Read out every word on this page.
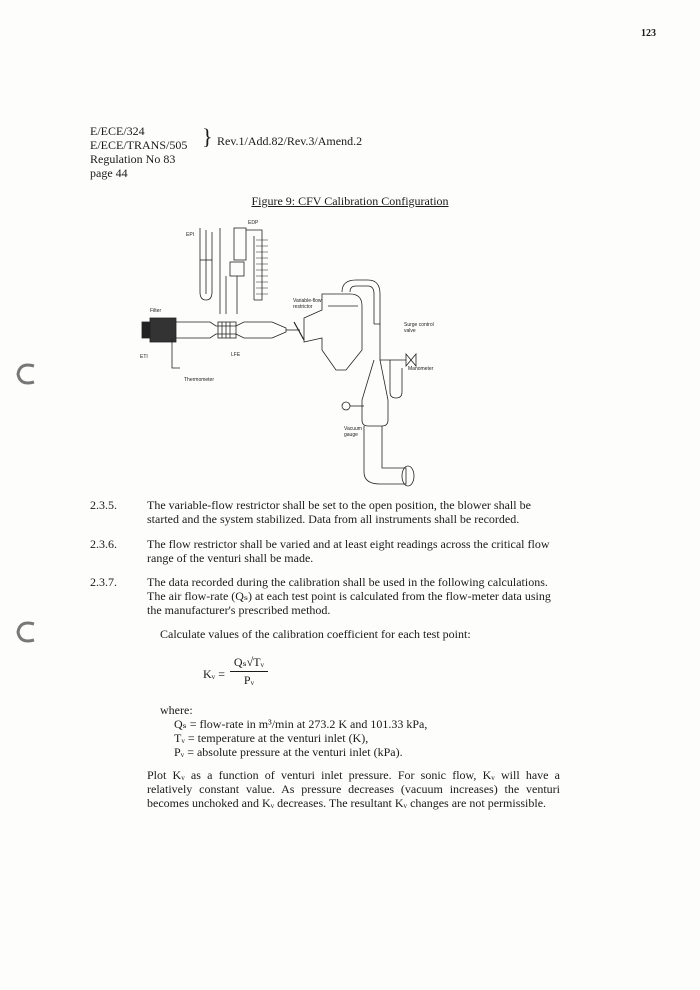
123
E/ECE/324
E/ECE/TRANS/505
Regulation No 83
page 44
} Rev.1/Add.82/Rev.3/Amend.2
Figure 9: CFV Calibration Configuration
EPI
EDP
Filter
ETI	LFE
Thermometer
Variable-flow
restrictor
Surge control
valve
Manometer
Vacuum
gauge
2.3.5.	The variable-flow restrictor shall be set to the open position, the blower shall be
started and the system stabilized. Data from all instruments shall be recorded.
2.3.6.	The flow restrictor shall be varied and at least eight readings across the critical flow
range of the venturi shall be made.
2.3.7.	The data recorded during the calibration shall be used in the following calculations.
The air flow-rate (Qₛ) at each test point is calculated from the flow-meter data using
the manufacturer's prescribed method.
Calculate values of the calibration coefficient for each test point:
Kᵥ = $\frac{\text{Qₛ√Tᵥ}}{\text{Pᵥ}}$
where:
Qₛ = flow-rate in m³/min at 273.2 K and 101.33 kPa,
Tᵥ = temperature at the venturi inlet (K),
Pᵥ = absolute pressure at the venturi inlet (kPa).
Plot Kᵥ as a function of venturi inlet pressure. For sonic flow, Kᵥ will have a relatively constant value. As pressure decreases (vacuum increases) the venturi becomes unchoked and Kᵥ decreases. The resultant Kᵥ changes are not permissible.
